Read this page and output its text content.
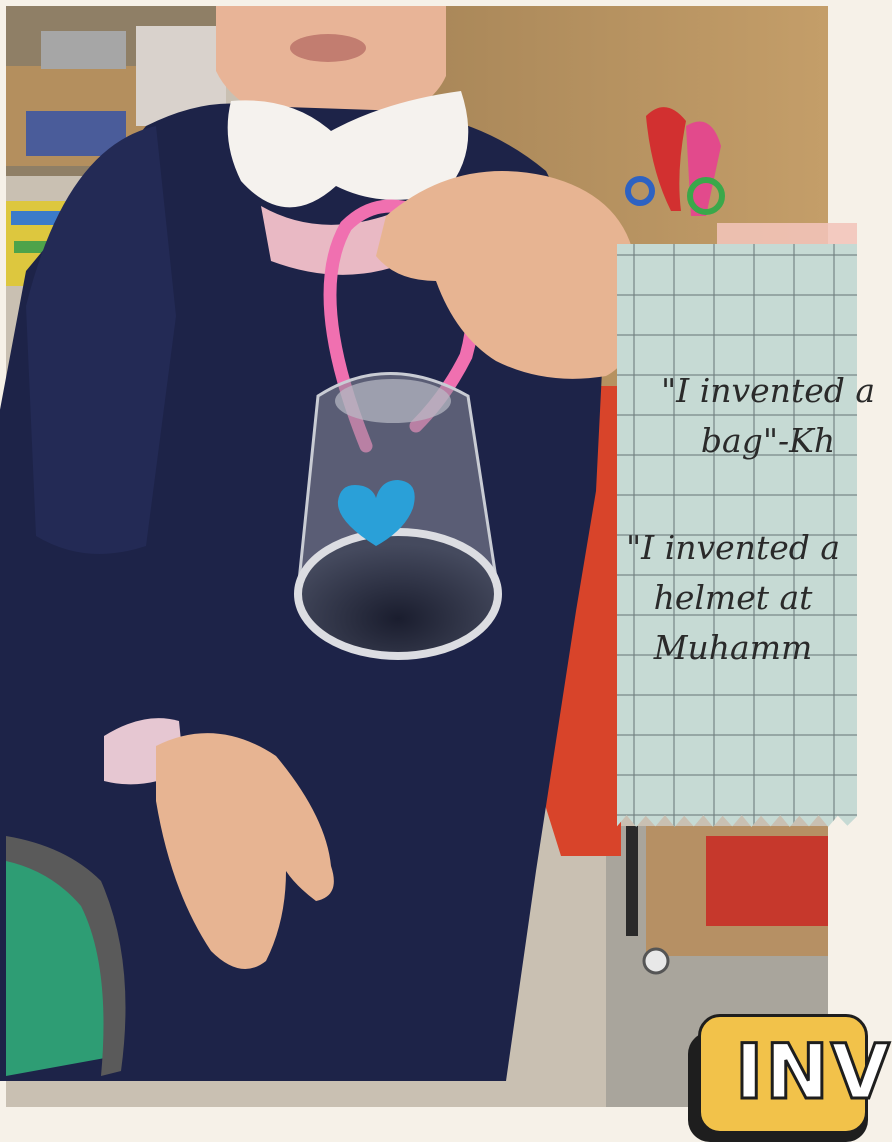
"I invented a
bag"-Kh
"I invented a
helmet at
Muhamm
INV
